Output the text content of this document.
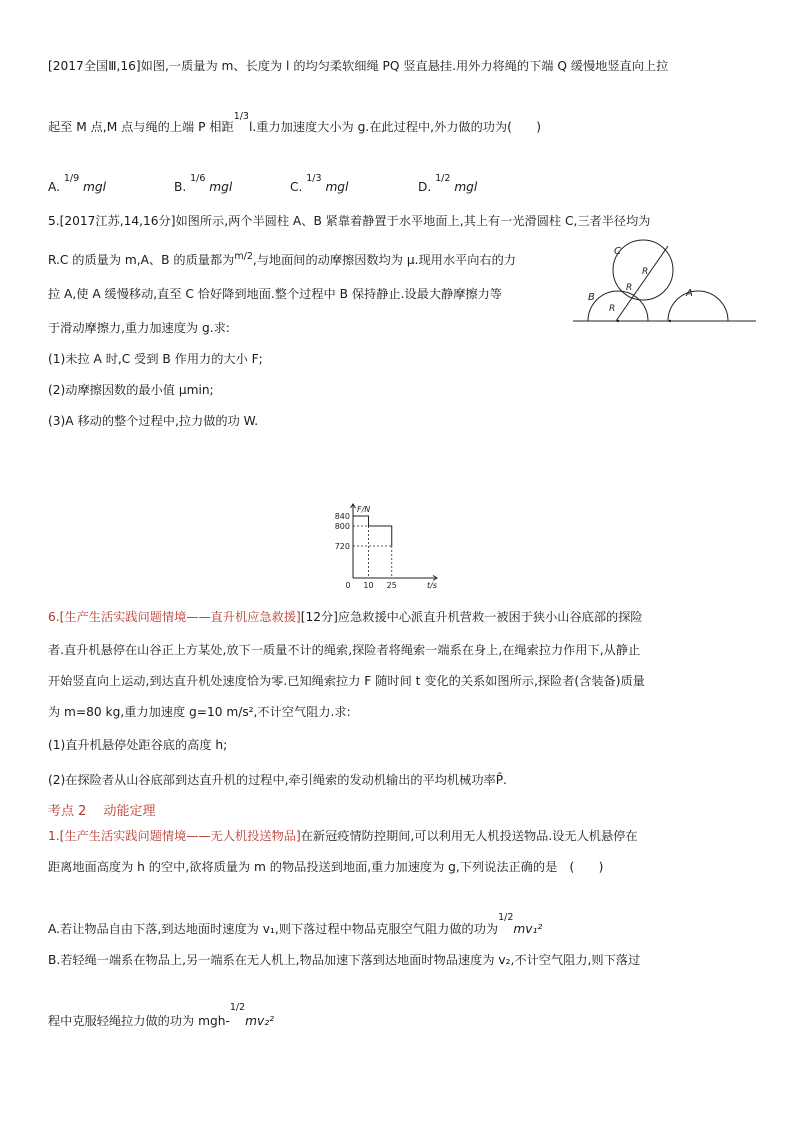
[2017全国Ⅲ,16]如图,一质量为 m、长度为 l 的均匀柔软细绳 PQ 竖直悬挂.用外力将绳的下端 Q 缓慢地竖直向上拉
起至 M 点,M 点与绳的上端 P 相距$^{1/3}$l.重力加速度大小为 g.在此过程中,外力做的功为(　　)
A. $^{1/9}$ mgl	B. $^{1/6}$ mgl	C. $^{1/3}$ mgl	D. $^{1/2}$ mgl
5.[2017江苏,14,16分]如图所示,两个半圆柱 A、B 紧靠着静置于水平地面上,其上有一光滑圆柱 C,三者半径均为
R.C 的质量为 m,A、B 的质量都为$^{m/2}$,与地面间的动摩擦因数均为 μ.现用水平向右的力
拉 A,使 A 缓慢移动,直至 C 恰好降到地面.整个过程中 B 保持静止.设最大静摩擦力等
于滑动摩擦力,重力加速度为 g.求:
(1)未拉 A 时,C 受到 B 作用力的大小 F;
(2)动摩擦因数的最小值 μmin;
(3)A 移动的整个过程中,拉力做的功 W.
C
B	A
R
R
R
F/N
t/s
720
800
840
0 10 25
6.[生产生活实践问题情境——直升机应急救援][12分]应急救援中心派直升机营救一被困于狭小山谷底部的探险
者.直升机悬停在山谷正上方某处,放下一质量不计的绳索,探险者将绳索一端系在身上,在绳索拉力作用下,从静止
开始竖直向上运动,到达直升机处速度恰为零.已知绳索拉力 F 随时间 t 变化的关系如图所示,探险者(含装备)质量
为 m=80 kg,重力加速度 g=10 m/s²,不计空气阻力.求:
(1)直升机悬停处距谷底的高度 h;
(2)在探险者从山谷底部到达直升机的过程中,牵引绳索的发动机输出的平均机械功率P̄.
考点 2　 动能定理
1.[生产生活实践问题情境——无人机投送物品]在新冠疫情防控期间,可以利用无人机投送物品.设无人机悬停在
距离地面高度为 h 的空中,欲将质量为 m 的物品投送到地面,重力加速度为 g,下列说法正确的是　(　　)
A.若让物品自由下落,到达地面时速度为 v₁,则下落过程中物品克服空气阻力做的功为$^{1/2}$mv₁²
B.若轻绳一端系在物品上,另一端系在无人机上,物品加速下落到达地面时物品速度为 v₂,不计空气阻力,则下落过
程中克服轻绳拉力做的功为 mgh-$^{1/2}$mv₂²
